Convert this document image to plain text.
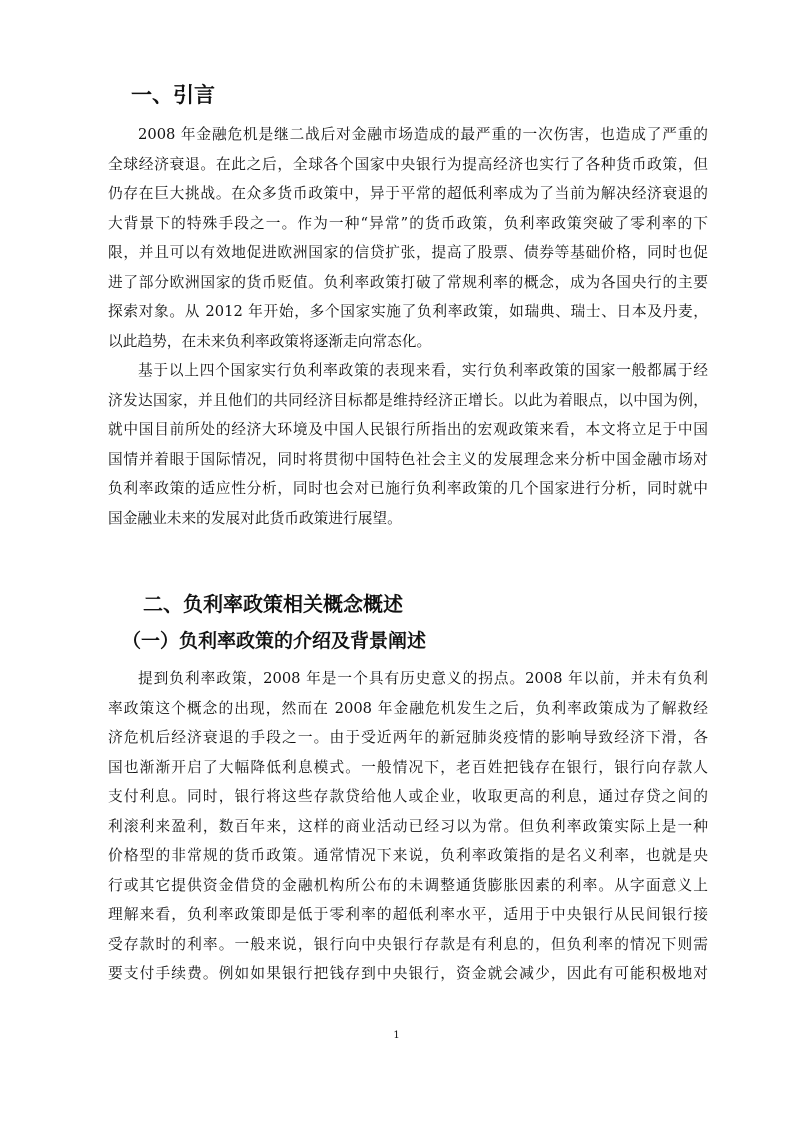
一、引言
2008 年金融危机是继二战后对金融市场造成的最严重的一次伤害，也造成了严重的
全球经济衰退。在此之后，全球各个国家中央银行为提高经济也实行了各种货币政策，但
仍存在巨大挑战。在众多货币政策中，异于平常的超低利率成为了当前为解决经济衰退的
大背景下的特殊手段之一。作为一种“异常”的货币政策，负利率政策突破了零利率的下
限，并且可以有效地促进欧洲国家的信贷扩张，提高了股票、债券等基础价格，同时也促
进了部分欧洲国家的货币贬值。负利率政策打破了常规利率的概念，成为各国央行的主要
探索对象。从 2012 年开始，多个国家实施了负利率政策，如瑞典、瑞士、日本及丹麦，
以此趋势，在未来负利率政策将逐渐走向常态化。
基于以上四个国家实行负利率政策的表现来看，实行负利率政策的国家一般都属于经
济发达国家，并且他们的共同经济目标都是维持经济正增长。以此为着眼点，以中国为例，
就中国目前所处的经济大环境及中国人民银行所指出的宏观政策来看，本文将立足于中国
国情并着眼于国际情况，同时将贯彻中国特色社会主义的发展理念来分析中国金融市场对
负利率政策的适应性分析，同时也会对已施行负利率政策的几个国家进行分析，同时就中
国金融业未来的发展对此货币政策进行展望。
二、负利率政策相关概念概述
（一）负利率政策的介绍及背景阐述
提到负利率政策，2008 年是一个具有历史意义的拐点。2008 年以前，并未有负利
率政策这个概念的出现，然而在 2008 年金融危机发生之后，负利率政策成为了解救经
济危机后经济衰退的手段之一。由于受近两年的新冠肺炎疫情的影响导致经济下滑，各
国也渐渐开启了大幅降低利息模式。一般情况下，老百姓把钱存在银行，银行向存款人
支付利息。同时，银行将这些存款贷给他人或企业，收取更高的利息，通过存贷之间的
利滚利来盈利，数百年来，这样的商业活动已经习以为常。但负利率政策实际上是一种
价格型的非常规的货币政策。通常情况下来说，负利率政策指的是名义利率，也就是央
行或其它提供资金借贷的金融机构所公布的未调整通货膨胀因素的利率。从字面意义上
理解来看，负利率政策即是低于零利率的超低利率水平，适用于中央银行从民间银行接
受存款时的利率。一般来说，银行向中央银行存款是有利息的，但负利率的情况下则需
要支付手续费。例如如果银行把钱存到中央银行，资金就会减少，因此有可能积极地对
1
